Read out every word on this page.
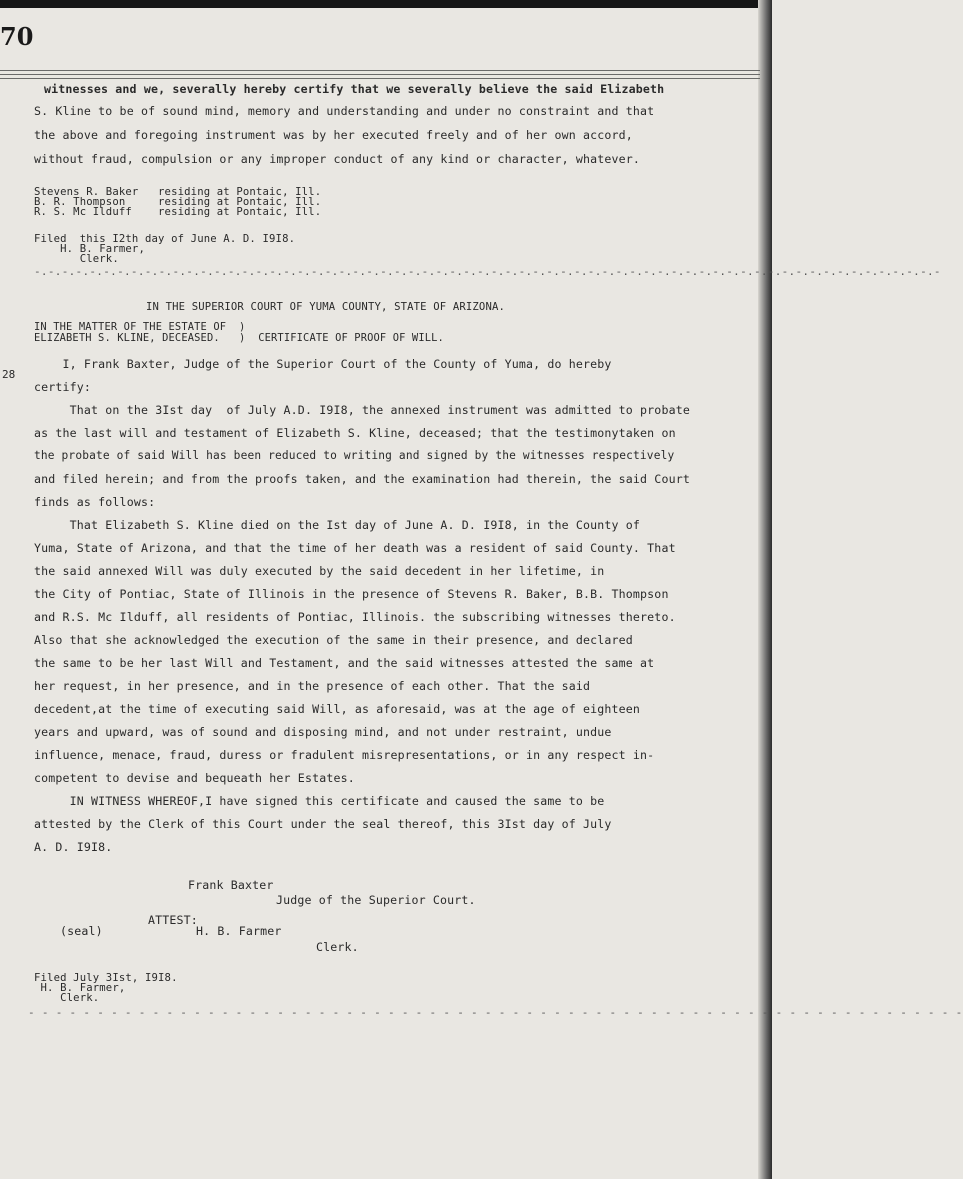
70
witnesses and we, severally hereby certify that we severally believe the said Elizabeth
S. Kline to be of sound mind, memory and understanding and under no constraint and that
the above and foregoing instrument was by her executed freely and of her own accord,
without fraud, compulsion or any improper conduct of any kind or character, whatever.
Stevens R. Baker   residing at Pontaic, Ill.
B. R. Thompson     residing at Pontaic, Ill.
R. S. Mc Ilduff    residing at Pontaic, Ill.
Filed  this I2th day of June A. D. I9I8.
H. B. Farmer,
Clerk.
-.-.-.-.-.-.-.-.-.-.-.-.-.-.-.-.-.-.-.-.-.-.-.-.-.-.-.-.-.-.-.-.-.-.-.-.-.-.-.-.-.-.-.-.-.-.-.-.-.-.-.-.-.-.-.-.-.-.-.-.-.-.-.-.-.-
IN THE SUPERIOR COURT OF YUMA COUNTY, STATE OF ARIZONA.
IN THE MATTER OF THE ESTATE OF  )
ELIZABETH S. KLINE, DECEASED.   )  CERTIFICATE OF PROOF OF WILL.
28
I, Frank Baxter, Judge of the Superior Court of the County of Yuma, do hereby
certify:
That on the 3Ist day  of July A.D. I9I8, the annexed instrument was admitted to probate
as the last will and testament of Elizabeth S. Kline, deceased; that the testimonytaken on
the probate of said Will has been reduced to writing and signed by the witnesses respectively
and filed herein; and from the proofs taken, and the examination had therein, the said Court
finds as follows:
That Elizabeth S. Kline died on the Ist day of June A. D. I9I8, in the County of
Yuma, State of Arizona, and that the time of her death was a resident of said County. That
the said annexed Will was duly executed by the said decedent in her lifetime, in
the City of Pontiac, State of Illinois in the presence of Stevens R. Baker, B.B. Thompson
and R.S. Mc Ilduff, all residents of Pontiac, Illinois. the subscribing witnesses thereto.
Also that she acknowledged the execution of the same in their presence, and declared
the same to be her last Will and Testament, and the said witnesses attested the same at
her request, in her presence, and in the presence of each other. That the said
decedent,at the time of executing said Will, as aforesaid, was at the age of eighteen
years and upward, was of sound and disposing mind, and not under restraint, undue
influence, menace, fraud, duress or fradulent misrepresentations, or in any respect in-
competent to devise and bequeath her Estates.
IN WITNESS WHEREOF,I have signed this certificate and caused the same to be
attested by the Clerk of this Court under the seal thereof, this 3Ist day of July
A. D. I9I8.
Frank Baxter
Judge of the Superior Court.
ATTEST:
(seal)	H. B. Farmer
Clerk.
Filed July 3Ist, I9I8.
H. B. Farmer,
Clerk.
- - - - - - - - - - - - - - - - - - - - - - - - - - - - - - - - - - - - - - - - - - - - - - - - - - - - - - - - - - - - - - - - - - - -
